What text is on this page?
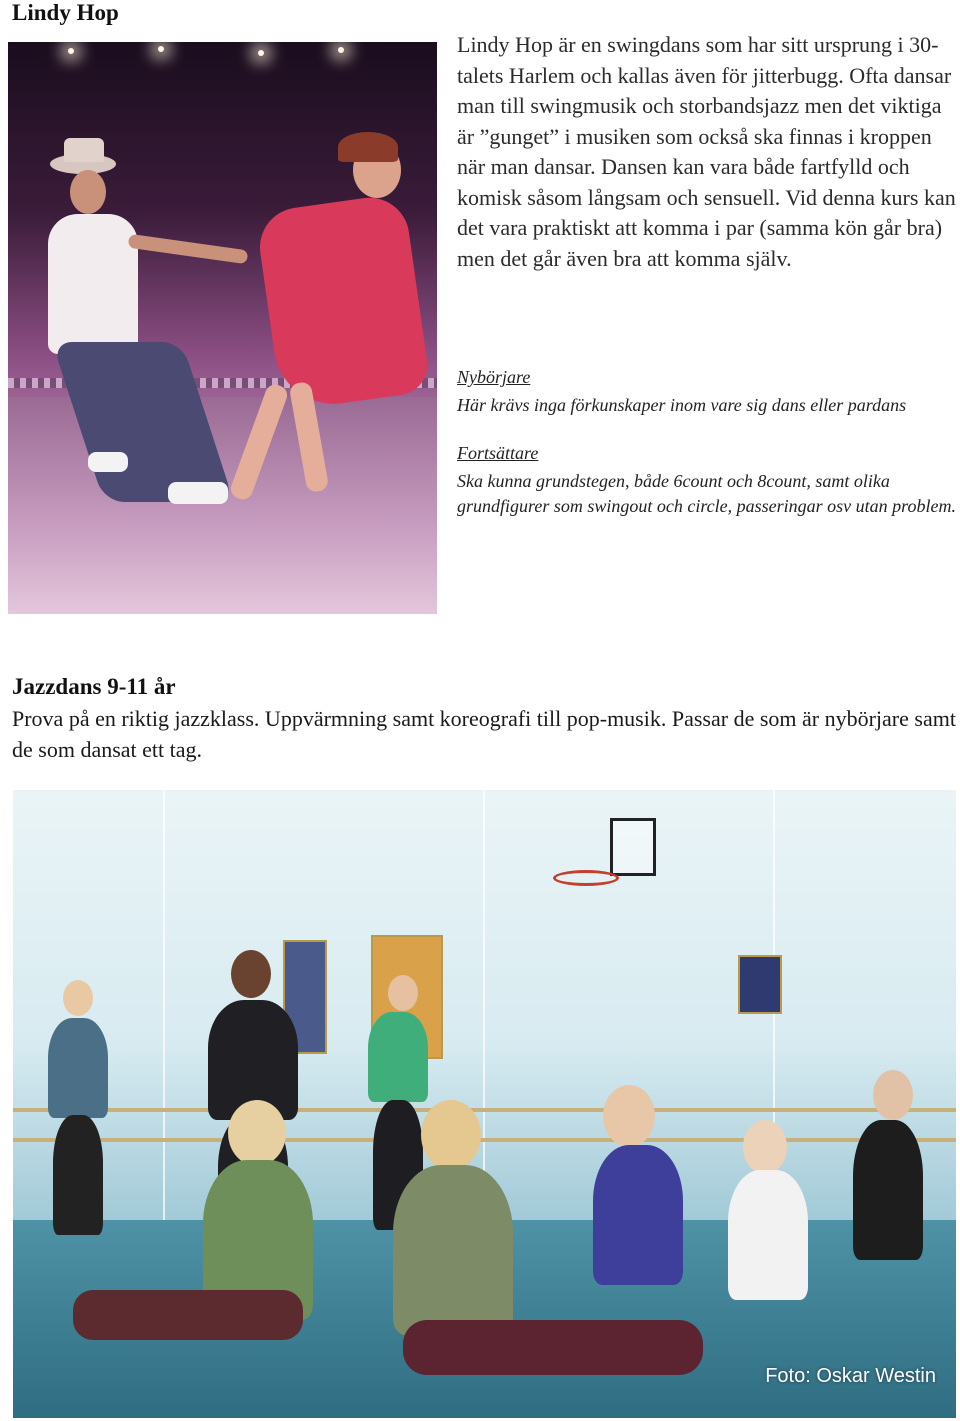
Lindy Hop

Lindy Hop är en swingdans som har sitt ursprung i 30-talets Harlem och kallas även för jitterbugg. Ofta dansar man till swingmusik och storbandsjazz men det viktiga är ”gunget” i musiken som också ska finnas i kroppen när man dansar. Dansen kan vara både fartfylld och komisk såsom långsam och sensuell. Vid denna kurs kan det vara praktiskt att komma i par (samma kön går bra) men det går även bra att komma själv.

Nybörjare

Här krävs inga förkunskaper inom vare sig dans eller pardans

Fortsättare

Ska kunna grundstegen, både 6count och 8count, samt olika grundfigurer som swingout och circle, passeringar osv utan problem.

Jazzdans 9-11 år

Prova på en riktig jazzklass. Uppvärmning samt koreografi till pop-musik. Passar de som är nybörjare samt de som dansat ett tag.

Foto: Oskar Westin
